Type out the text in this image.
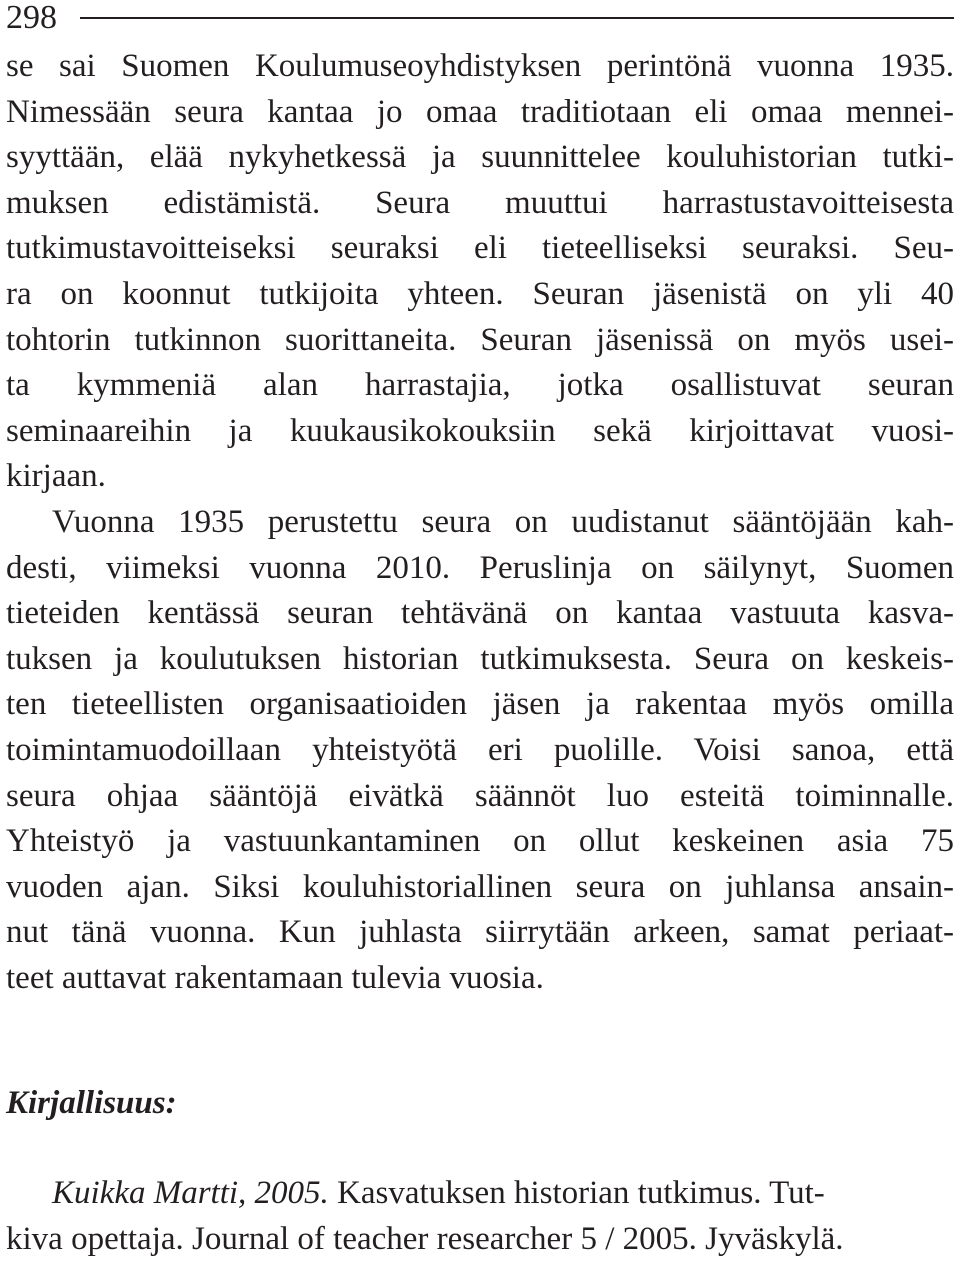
298
se sai Suomen Koulumuseoyhdistyksen perintönä vuonna 1935.
Nimessään seura kantaa jo omaa traditiotaan eli omaa mennei-
syyttään, elää nykyhetkessä ja suunnittelee kouluhistorian tutki-
muksen edistämistä. Seura muuttui harrastustavoitteisesta
tutkimustavoitteiseksi seuraksi eli tieteelliseksi seuraksi. Seu-
ra on koonnut tutkijoita yhteen. Seuran jäsenistä on yli 40
tohtorin tutkinnon suorittaneita. Seuran jäsenissä on myös usei-
ta kymmeniä alan harrastajia, jotka osallistuvat seuran
seminaareihin ja kuukausikokouksiin sekä kirjoittavat vuosi-
kirjaan.
Vuonna 1935 perustettu seura on uudistanut sääntöjään kah-
desti, viimeksi vuonna 2010. Peruslinja on säilynyt, Suomen
tieteiden kentässä seuran tehtävänä on kantaa vastuuta kasva-
tuksen ja koulutuksen historian tutkimuksesta. Seura on keskeis-
ten tieteellisten organisaatioiden jäsen ja rakentaa myös omilla
toimintamuodoillaan yhteistyötä eri puolille. Voisi sanoa, että
seura ohjaa sääntöjä eivätkä säännöt luo esteitä toiminnalle.
Yhteistyö ja vastuunkantaminen on ollut keskeinen asia 75
vuoden ajan. Siksi kouluhistoriallinen seura on juhlansa ansain-
nut tänä vuonna. Kun juhlasta siirrytään arkeen, samat periaat-
teet auttavat rakentamaan tulevia vuosia.
Kirjallisuus:
Kuikka Martti, 2005. Kasvatuksen historian tutkimus. Tut-
kiva opettaja. Journal of teacher researcher 5 / 2005. Jyväskylä.
